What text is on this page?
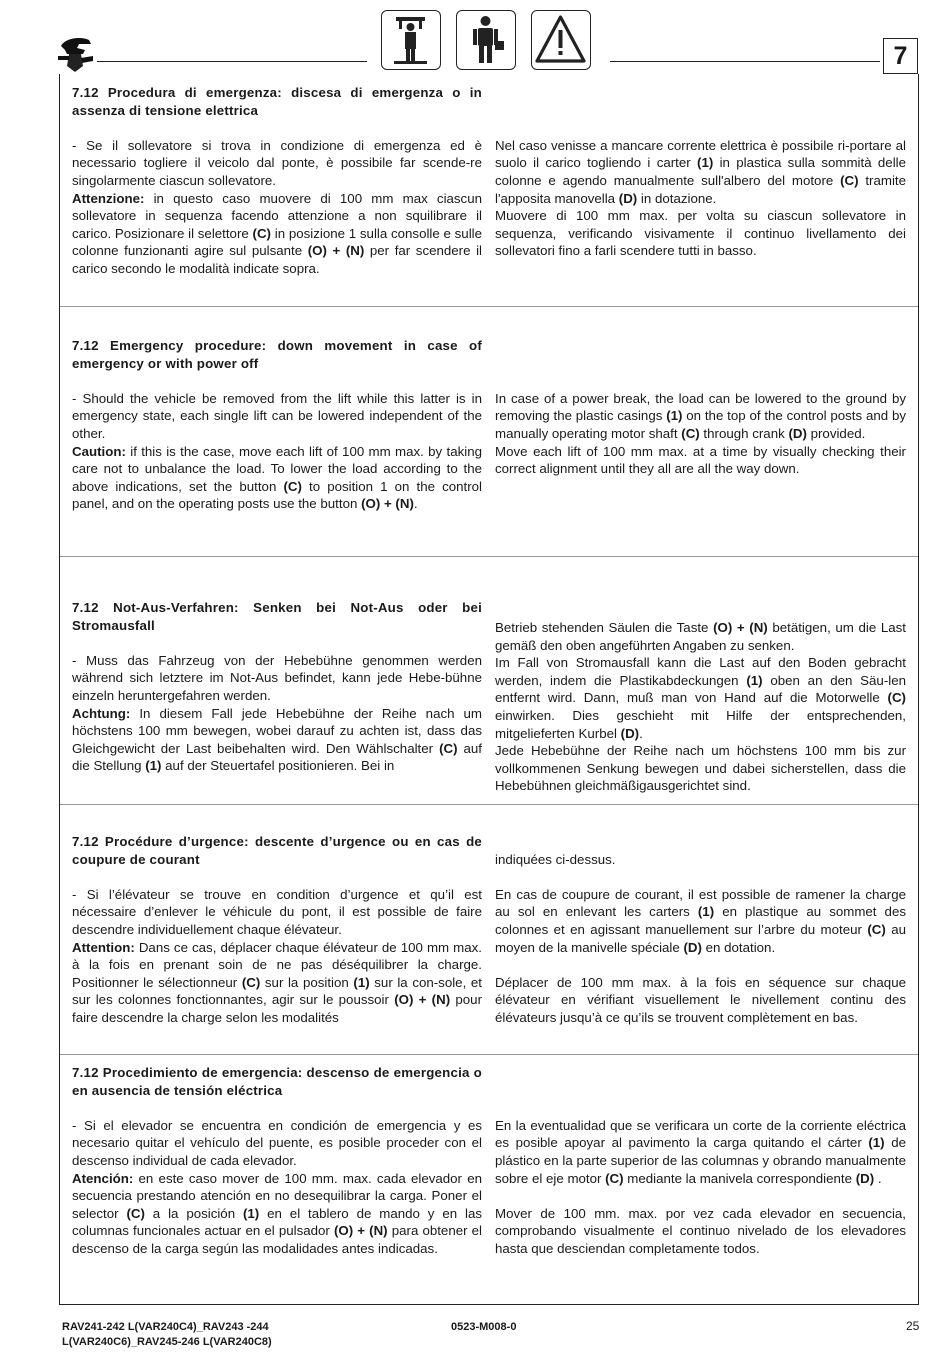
7

7.12 Procedura di emergenza: discesa di emergenza o in assenza di tensione elettrica

- Se il sollevatore si trova in condizione di emergenza ed è necessario togliere il veicolo dal ponte, è possibile far scende-re singolarmente ciascun sollevatore.

Attenzione: in questo caso muovere di 100 mm max ciascun sollevatore in sequenza facendo attenzione a non squilibrare il carico. Posizionare il selettore (C) in posizione 1 sulla consolle e sulle colonne funzionanti agire sul pulsante (O) + (N) per far scendere il carico secondo le modalità indicate sopra.

Nel caso venisse a mancare corrente elettrica è possibile ri-portare al suolo il carico togliendo i carter (1) in plastica sulla sommità delle colonne e agendo manualmente sull'albero del motore (C) tramite l'apposita manovella (D) in dotazione.

Muovere di 100 mm max. per volta su ciascun sollevatore in sequenza, verificando visivamente il continuo livellamento dei sollevatori fino a farli scendere tutti in basso.

7.12 Emergency procedure: down movement in case of emergency or with power off

- Should the vehicle be removed from the lift while this latter is in emergency state, each single lift can be lowered independent of the other.

Caution: if this is the case, move each lift of 100 mm max. by taking care not to unbalance the load. To lower the load according to the above indications, set the button (C) to position 1 on the control panel, and on the operating posts use the button (O) + (N).

In case of a power break, the load can be lowered to the ground by removing the plastic casings (1) on the top of the control posts and by manually operating motor shaft (C) through crank (D) provided.

Move each lift of 100 mm max. at a time by visually checking their correct alignment until they all are all the way down.

7.12 Not-Aus-Verfahren: Senken bei Not-Aus oder bei Stromausfall

- Muss das Fahrzeug von der Hebebühne genommen werden während sich letztere im Not-Aus befindet, kann jede Hebe-bühne einzeln heruntergefahren werden.

Achtung: In diesem Fall jede Hebebühne der Reihe nach um höchstens 100 mm bewegen, wobei darauf zu achten ist, dass das Gleichgewicht der Last beibehalten wird. Den Wählschalter (C) auf die Stellung (1) auf der Steuertafel positionieren. Bei in

Betrieb stehenden Säulen die Taste (O) + (N) betätigen, um die Last gemäß den oben angeführten Angaben zu senken.

Im Fall von Stromausfall kann die Last auf den Boden gebracht werden, indem die Plastikabdeckungen (1) oben an den Säu-len entfernt wird. Dann, muß man von Hand auf die Motorwelle (C) einwirken. Dies geschieht mit Hilfe der entsprechenden, mitgelieferten Kurbel (D).

Jede Hebebühne der Reihe nach um höchstens 100 mm bis zur vollkommenen Senkung bewegen und dabei sicherstellen, dass die Hebebühnen gleichmäßigausgerichtet sind.

7.12 Procédure d’urgence: descente d’urgence ou en cas de coupure de courant

- Si l’élévateur se trouve en condition d’urgence et qu’il est nécessaire d’enlever le véhicule du pont, il est possible de faire descendre individuellement chaque élévateur.

Attention: Dans ce cas, déplacer chaque élévateur de 100 mm max. à la fois en prenant soin de ne pas déséquilibrer la charge. Positionner le sélectionneur (C) sur la position (1) sur la con-sole, et sur les colonnes fonctionnantes, agir sur le poussoir (O) + (N) pour faire descendre la charge selon les modalités

indiquées ci-dessus.

En cas de coupure de courant, il est possible de ramener la charge au sol en enlevant les carters (1) en plastique au sommet des colonnes et en agissant manuellement sur l’arbre du moteur (C) au moyen de la manivelle spéciale (D) en dotation.

Déplacer de 100 mm max. à la fois en séquence sur chaque élévateur en vérifiant visuellement le nivellement continu des élévateurs jusqu’à ce qu’ils se trouvent complètement en bas.

7.12 Procedimiento de emergencia: descenso de emergencia o en ausencia de tensión eléctrica

- Si el elevador se encuentra en condición de emergencia y es necesario quitar el vehículo del puente, es posible proceder con el descenso individual de cada elevador.

Atención: en este caso mover de 100 mm. max. cada elevador en secuencia prestando atención en no desequilibrar la carga. Poner el selector (C) a la posición (1) en el tablero de mando y en las columnas funcionales actuar en el pulsador (O) + (N) para obtener el descenso de la carga según las modalidades antes indicadas.

En la eventualidad que se verificara un corte de la corriente eléctrica es posible apoyar al pavimento la carga quitando el cárter (1) de plástico en la parte superior de las columnas y obrando manualmente sobre el eje motor (C) mediante la manivela correspondiente (D) .

Mover de 100 mm. max. por vez cada elevador en secuencia, comprobando visualmente el continuo nivelado de los elevadores hasta que desciendan completamente todos.

RAV241-242 L(VAR240C4)_RAV243 -244
L(VAR240C6)_RAV245-246 L(VAR240C8)
0523-M008-0	25
